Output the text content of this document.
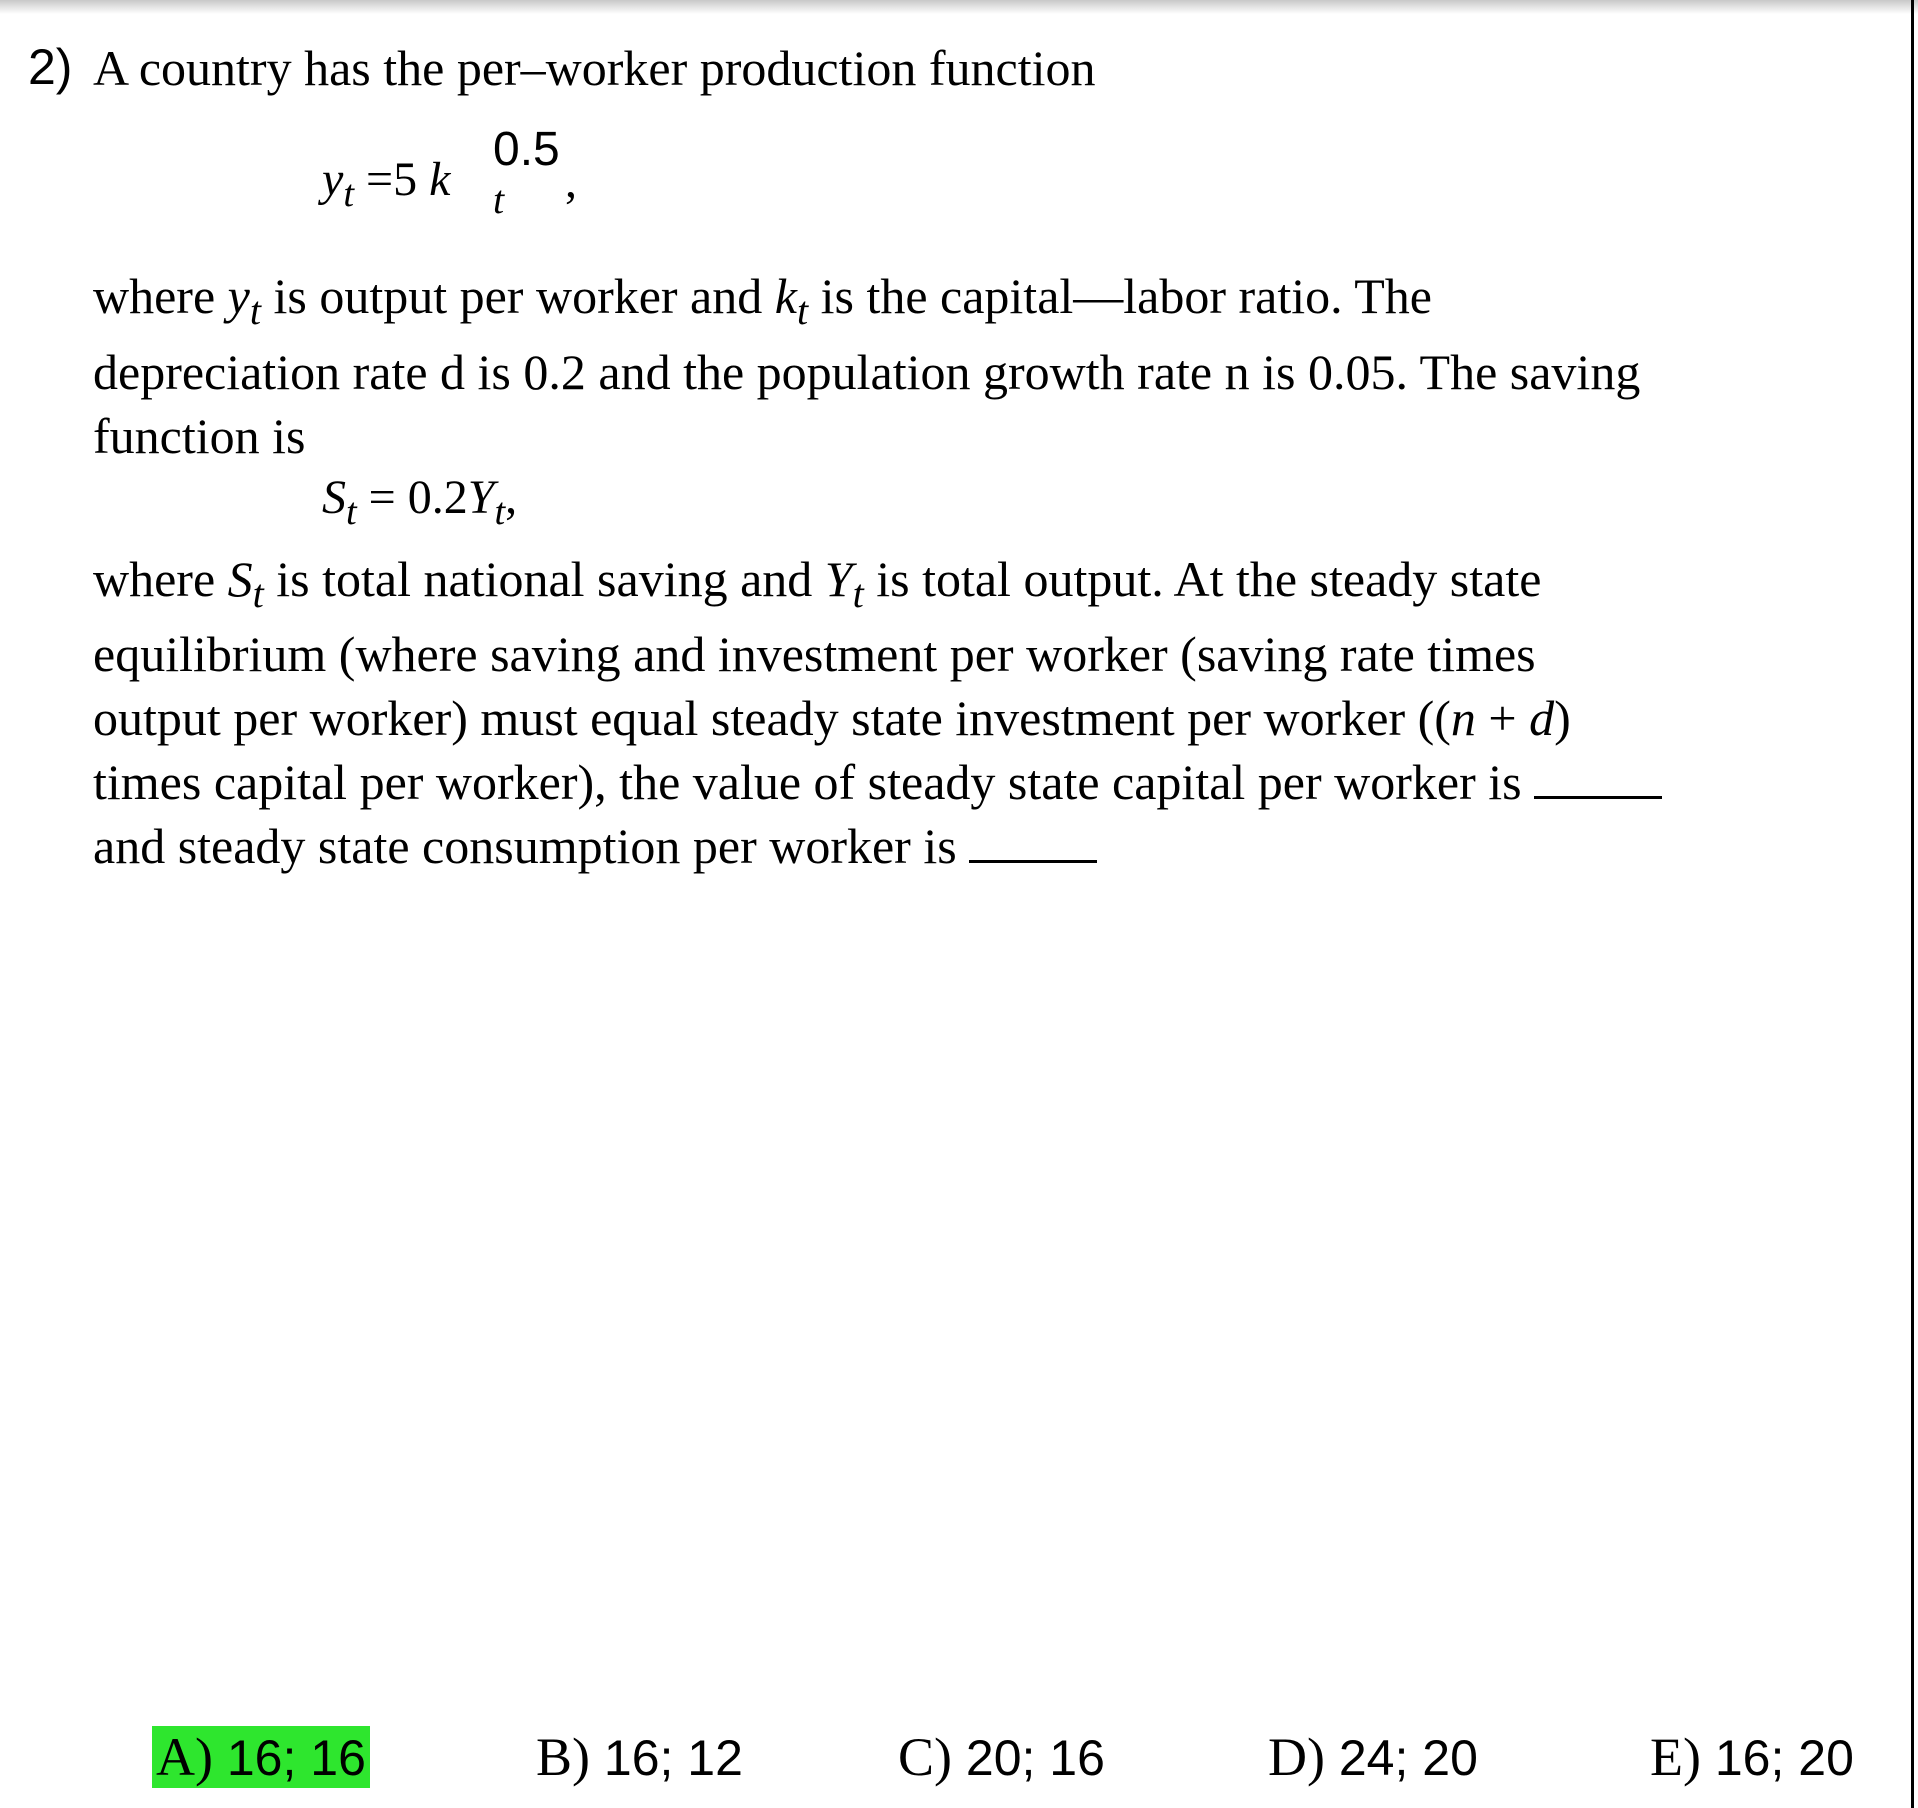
2) A country has the per–worker production function
$y_t =5$ k
0.5
t ,
where $y_t$ is output per worker and $k_t$ is the capital—labor ratio. The
depreciation rate d is 0.2 and the population growth rate n is 0.05. The saving
function is
$S_t = 0.2Y_t$,
where $S_t$ is total national saving and $Y_t$ is total output. At the steady state
equilibrium (where saving and investment per worker (saving rate times
output per worker) must equal steady state investment per worker ((n + d)
times capital per worker), the value of steady state capital per worker is
and steady state consumption per worker is
A) 16; 16	B) 16; 12	C) 20; 16	D) 24; 20	E) 16; 20
